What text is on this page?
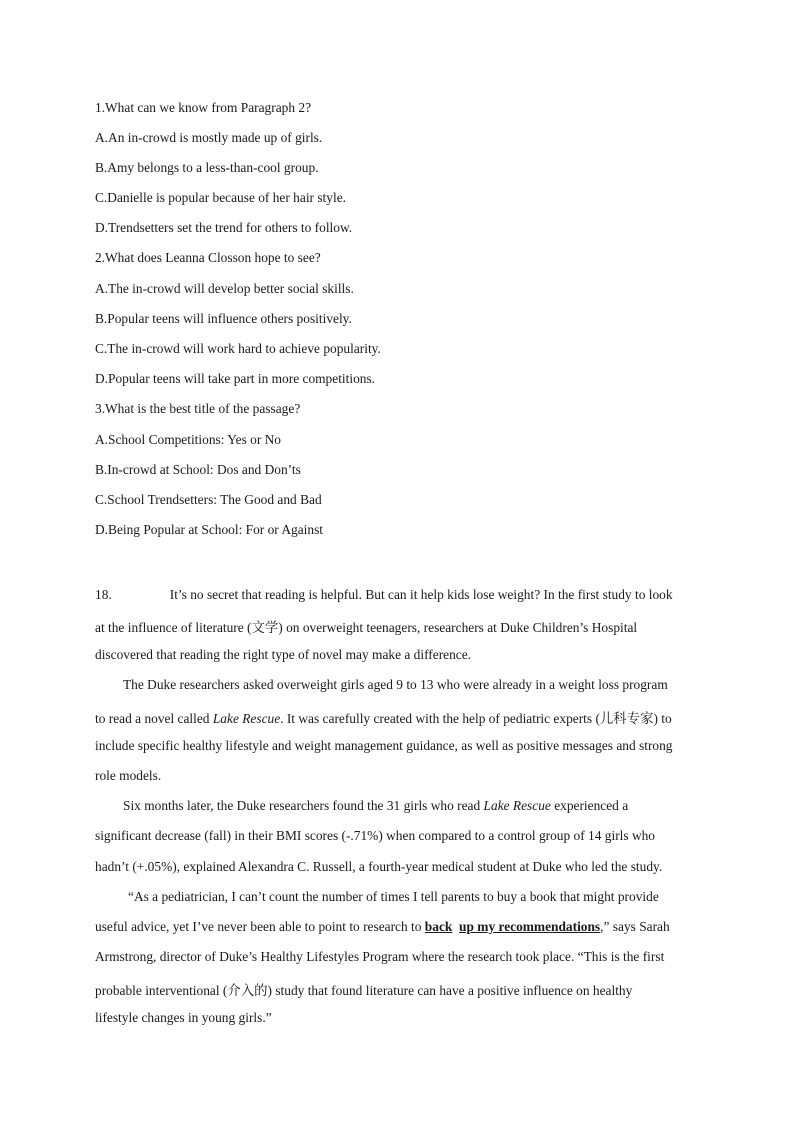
1.What can we know from Paragraph 2?
A.An in-crowd is mostly made up of girls.
B.Amy belongs to a less-than-cool group.
C.Danielle is popular because of her hair style.
D.Trendsetters set the trend for others to follow.
2.What does Leanna Closson hope to see?
A.The in-crowd will develop better social skills.
B.Popular teens will influence others positively.
C.The in-crowd will work hard to achieve popularity.
D.Popular teens will take part in more competitions.
3.What is the best title of the passage?
A.School Competitions: Yes or No
B.In-crowd at School: Dos and Don’ts
C.School Trendsetters: The Good and Bad
D.Being Popular at School: For or Against
18.	It’s no secret that reading is helpful. But can it help kids lose weight? In the first study to look
at the influence of literature (文学) on overweight teenagers, researchers at Duke Children’s Hospital
discovered that reading the right type of novel may make a difference.
The Duke researchers asked overweight girls aged 9 to 13 who were already in a weight loss program
to read a novel called Lake Rescue. It was carefully created with the help of pediatric experts (儿科专家) to
include specific healthy lifestyle and weight management guidance, as well as positive messages and strong
role models.
Six months later, the Duke researchers found the 31 girls who read Lake Rescue experienced a
significant decrease (fall) in their BMI scores (-.71%) when compared to a control group of 14 girls who
hadn’t (+.05%), explained Alexandra C. Russell, a fourth-year medical student at Duke who led the study.
“As a pediatrician, I can’t count the number of times I tell parents to buy a book that might provide
useful advice, yet I’ve never been able to point to research to back up my recommendations,” says Sarah
Armstrong, director of Duke’s Healthy Lifestyles Program where the research took place. “This is the first
probable interventional (介入的) study that found literature can have a positive influence on healthy
lifestyle changes in young girls.”
